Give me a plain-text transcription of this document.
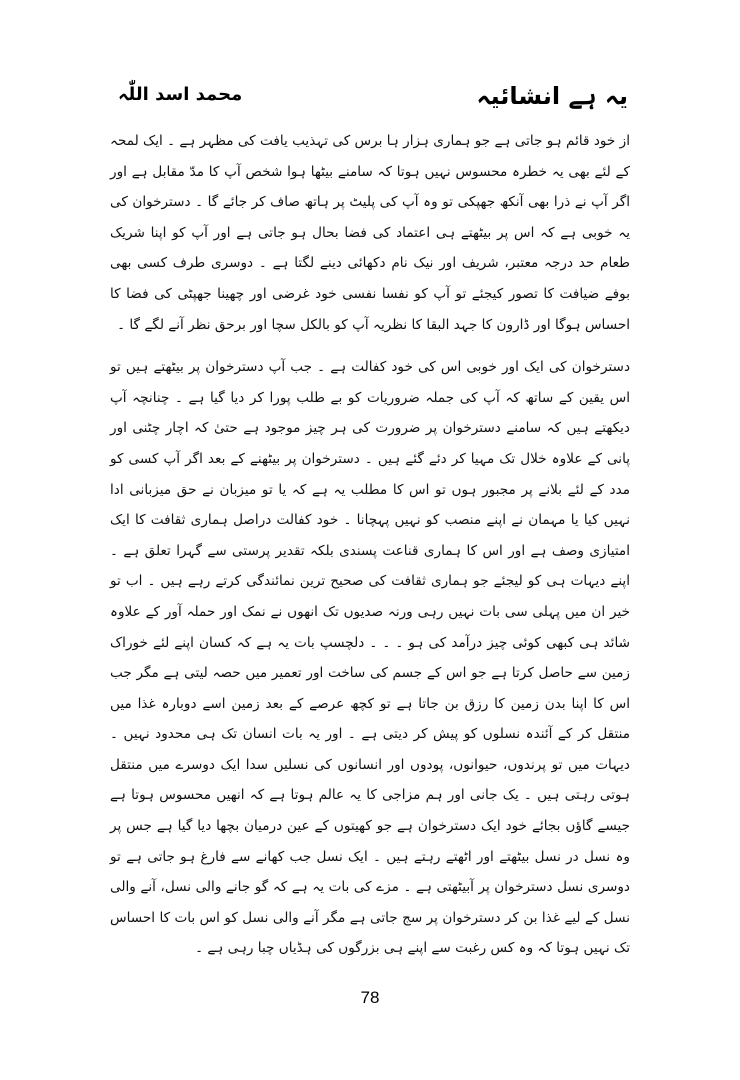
یہ ہے انشائیہ
محمد اسد اللّٰہ

از خود قائم ہو جاتی ہے جو ہماری ہزار ہا برس کی تہذیب یافت کی مظہر ہے ۔ ایک لمحہ کے لئے بھی یہ خطرہ محسوس نہیں ہوتا کہ سامنے بیٹھا ہوا شخص آپ کا مدّ مقابل ہے اور اگر آپ نے ذرا بھی آنکھ جھپکی تو وہ آپ کی پلیٹ پر ہاتھ صاف کر جائے گا ۔ دسترخوان کی یہ خوبی ہے کہ اس پر بیٹھتے ہی اعتماد کی فضا بحال ہو جاتی ہے اور آپ کو اپنا شریک طعام حد درجہ معتبر، شریف اور نیک نام دکھائی دینے لگتا ہے ۔ دوسری طرف کسی بھی بوفے ضیافت کا تصور کیجئے تو آپ کو نفسا نفسی خود غرضی اور چھینا جھپٹی کی فضا کا احساس ہوگا اور ڈارون کا جہد البقا کا نظریہ آپ کو بالکل سچا اور برحق نظر آنے لگے گا ۔

دسترخوان کی ایک اور خوبی اس کی خود کفالت ہے ۔ جب آپ دسترخوان پر بیٹھتے ہیں تو اس یقین کے ساتھ کہ آپ کی جملہ ضروریات کو بے طلب پورا کر دیا گیا ہے ۔ چنانچہ آپ دیکھتے ہیں کہ سامنے دسترخوان پر ضرورت کی ہر چیز موجود ہے حتیٰ کہ اچار چٹنی اور پانی کے علاوہ خلال تک مہیا کر دئے گئے ہیں ۔ دسترخوان پر بیٹھنے کے بعد اگر آپ کسی کو مدد کے لئے بلانے پر مجبور ہوں تو اس کا مطلب یہ ہے کہ یا تو میزبان نے حق میزبانی ادا نہیں کیا یا مہمان نے اپنے منصب کو نہیں پہچانا ۔ خود کفالت دراصل ہماری ثقافت کا ایک امتیازی وصف ہے اور اس کا ہماری قناعت پسندی بلکہ تقدیر پرستی سے گہرا تعلق ہے ۔ اپنے دیہات ہی کو لیجئے جو ہماری ثقافت کی صحیح ترین نمائندگی کرتے رہے ہیں ۔ اب تو خیر ان میں پہلی سی بات نہیں رہی ورنہ صدیوں تک انھوں نے نمک اور حملہ آور کے علاوہ شائد ہی کبھی کوئی چیز درآمد کی ہو ۔ ۔ ۔ دلچسپ بات یہ ہے کہ کسان اپنے لئے خوراک زمین سے حاصل کرتا ہے جو اس کے جسم کی ساخت اور تعمیر میں حصہ لیتی ہے مگر جب اس کا اپنا بدن زمین کا رزق بن جاتا ہے تو کچھ عرصے کے بعد زمین اسے دوبارہ غذا میں منتقل کر کے آئندہ نسلوں کو پیش کر دیتی ہے ۔ اور یہ بات انسان تک ہی محدود نہیں ۔ دیہات میں تو پرندوں، حیوانوں، پودوں اور انسانوں کی نسلیں سدا ایک دوسرے میں منتقل ہوتی رہتی ہیں ۔ یک جانی اور ہم مزاجی کا یہ عالم ہوتا ہے کہ انھیں محسوس ہوتا ہے جیسے گاؤں بجائے خود ایک دسترخوان ہے جو کھیتوں کے عین درمیان بچھا دیا گیا ہے جس پر وہ نسل در نسل بیٹھتے اور اٹھتے رہتے ہیں ۔ ایک نسل جب کھانے سے فارغ ہو جاتی ہے تو دوسری نسل دسترخوان پر آبیٹھتی ہے ۔ مزے کی بات یہ ہے کہ گو جانے والی نسل، آنے والی نسل کے لیے غذا بن کر دسترخوان پر سج جاتی ہے مگر آنے والی نسل کو اس بات کا احساس تک نہیں ہوتا کہ وہ کس رغبت سے اپنے ہی بزرگوں کی ہڈیاں چبا رہی ہے ۔

78
